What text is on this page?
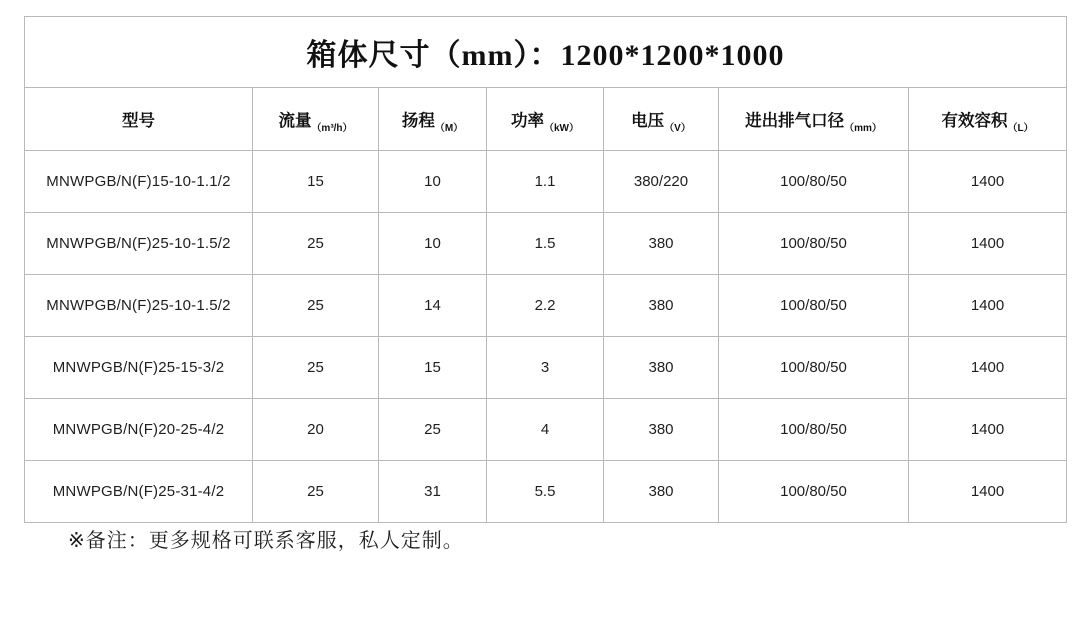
箱体尺寸（mm）：1200*1200*1000						
型号	流量（m³/h）	扬程（M）	功率（kW）	电压（V）	进出排气口径（mm）	有效容积（L）
MNWPGB/N(F)15-10-1.1/2	15	10	1.1	380/220	100/80/50	1400
MNWPGB/N(F)25-10-1.5/2	25	10	1.5	380	100/80/50	1400
MNWPGB/N(F)25-10-1.5/2	25	14	2.2	380	100/80/50	1400
MNWPGB/N(F)25-15-3/2	25	15	3	380	100/80/50	1400
MNWPGB/N(F)20-25-4/2	20	25	4	380	100/80/50	1400
MNWPGB/N(F)25-31-4/2	25	31	5.5	380	100/80/50	1400
※备注：更多规格可联系客服，私人定制。
